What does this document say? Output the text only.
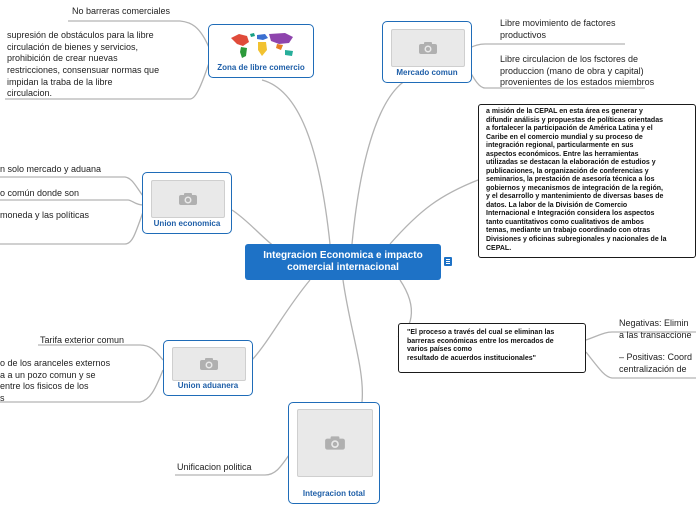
Zona de libre comercio
Mercado comun
Union economica
Union aduanera
Integracion total
Integracion Economica e impacto comercial internacional
No barreras comerciales
supresión de obstáculos para la libre
circulación de bienes y servicios,
prohibición de crear nuevas
restricciones, consensuar normas que
impidan la traba de la libre
circulacion.
Libre movimiento de factores
productivos
Libre circulacion de los fsctores de
produccion (mano de obra y capital)
provenientes de los estados miembros
n solo mercado y aduana
o común donde son
moneda y las políticas
Tarifa exterior comun
o de los aranceles externos
a a un pozo comun y se
entre los fisicos de los
s
Unificacion politica
a misión de la CEPAL en esta área es generar y
difundir análisis y propuestas de políticas orientadas
a fortalecer la participación de América Latina y el
Caribe en el comercio mundial y su proceso de
integración regional, particularmente en sus
aspectos económicos. Entre las herramientas
utilizadas se destacan la elaboración de estudios y
publicaciones, la organización de conferencias y
seminarios, la prestación de asesoría técnica a los
gobiernos y mecanismos de integración de la región,
y el desarrollo y mantenimiento de diversas bases de
datos. La labor de la División de Comercio
Internacional e Integración considera los aspectos
tanto cuantitativos como cualitativos de ambos
temas, mediante un trabajo coordinado con otras
Divisiones y oficinas subregionales y nacionales de la
CEPAL.
"El proceso a través del cual se eliminan las
barreras económicas entre los mercados de
varios países como
resultado de acuerdos institucionales"
Negativas: Elimin
a las transaccione
– Positivas: Coord
centralización de
